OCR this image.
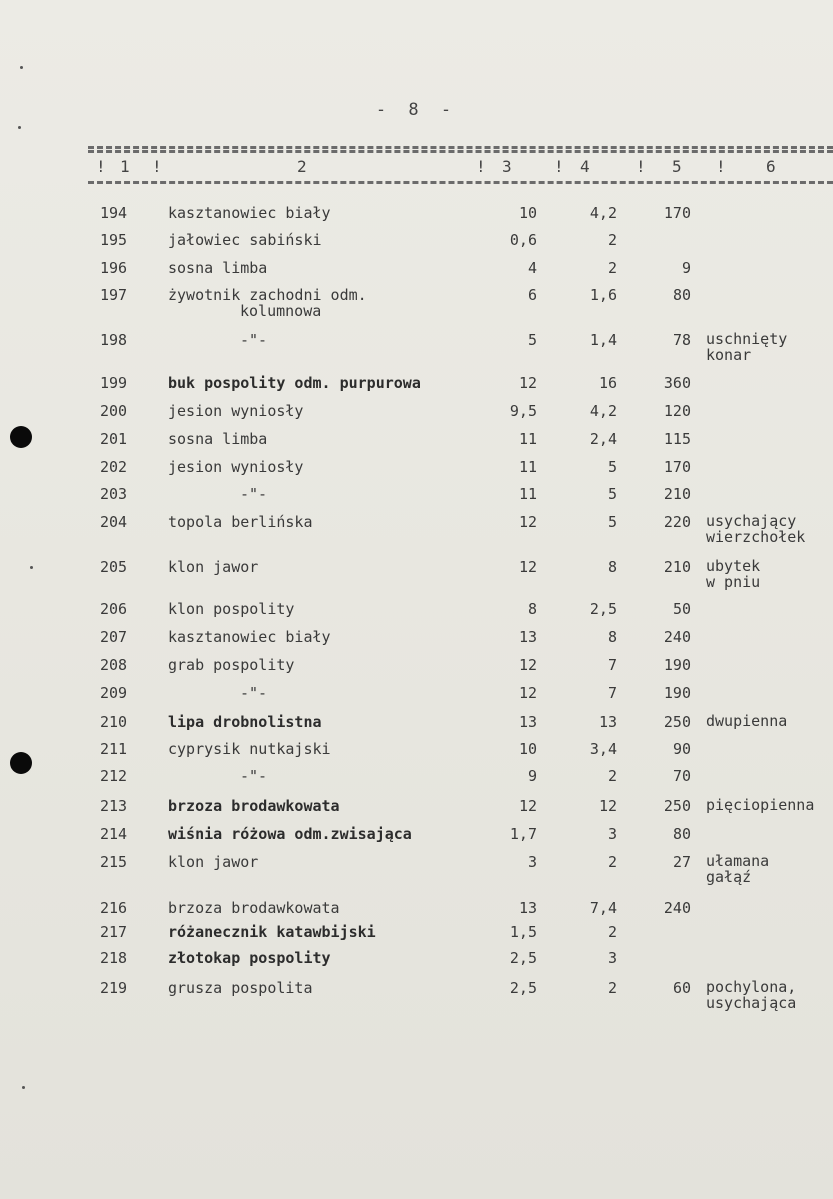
- 8 -
! 1 !	2	! 3	! 4	! 5 !	6
194	kasztanowiec biały	10	4,2	170
195	jałowiec sabiński	0,6	2
196	sosna limba	4	2	9
197	żywotnik zachodni odm.	6	1,6	80
kolumnowa
198	-"-	5	1,4	78 uschnięty
konar
199	buk pospolity odm. purpurowa	12	16	360
200	jesion wyniosły	9,5	4,2	120
201	sosna limba	11	2,4	115
202	jesion wyniosły	11	5	170
203	-"-	11	5	210
204	topola berlińska	12	5	220 usychający
wierzchołek
205	klon jawor	12	8	210 ubytek
w pniu
206	klon pospolity	8	2,5	50
207	kasztanowiec biały	13	8	240
208	grab pospolity	12	7	190
209	-"-	12	7	190
210	lipa drobnolistna	13	13	250 dwupienna
211	cyprysik nutkajski	10	3,4	90
212	-"-	9	2	70
213	brzoza brodawkowata	12	12	250 pięciopienna
214	wiśnia różowa odm.zwisająca	1,7	3	80
215	klon jawor	3	2	27 ułamana
gałąź
216	brzoza brodawkowata	13	7,4	240
217	różanecznik katawbijski	1,5	2
218	złotokap pospolity	2,5	3
219	grusza pospolita	2,5	2	60 pochylona,
usychająca
